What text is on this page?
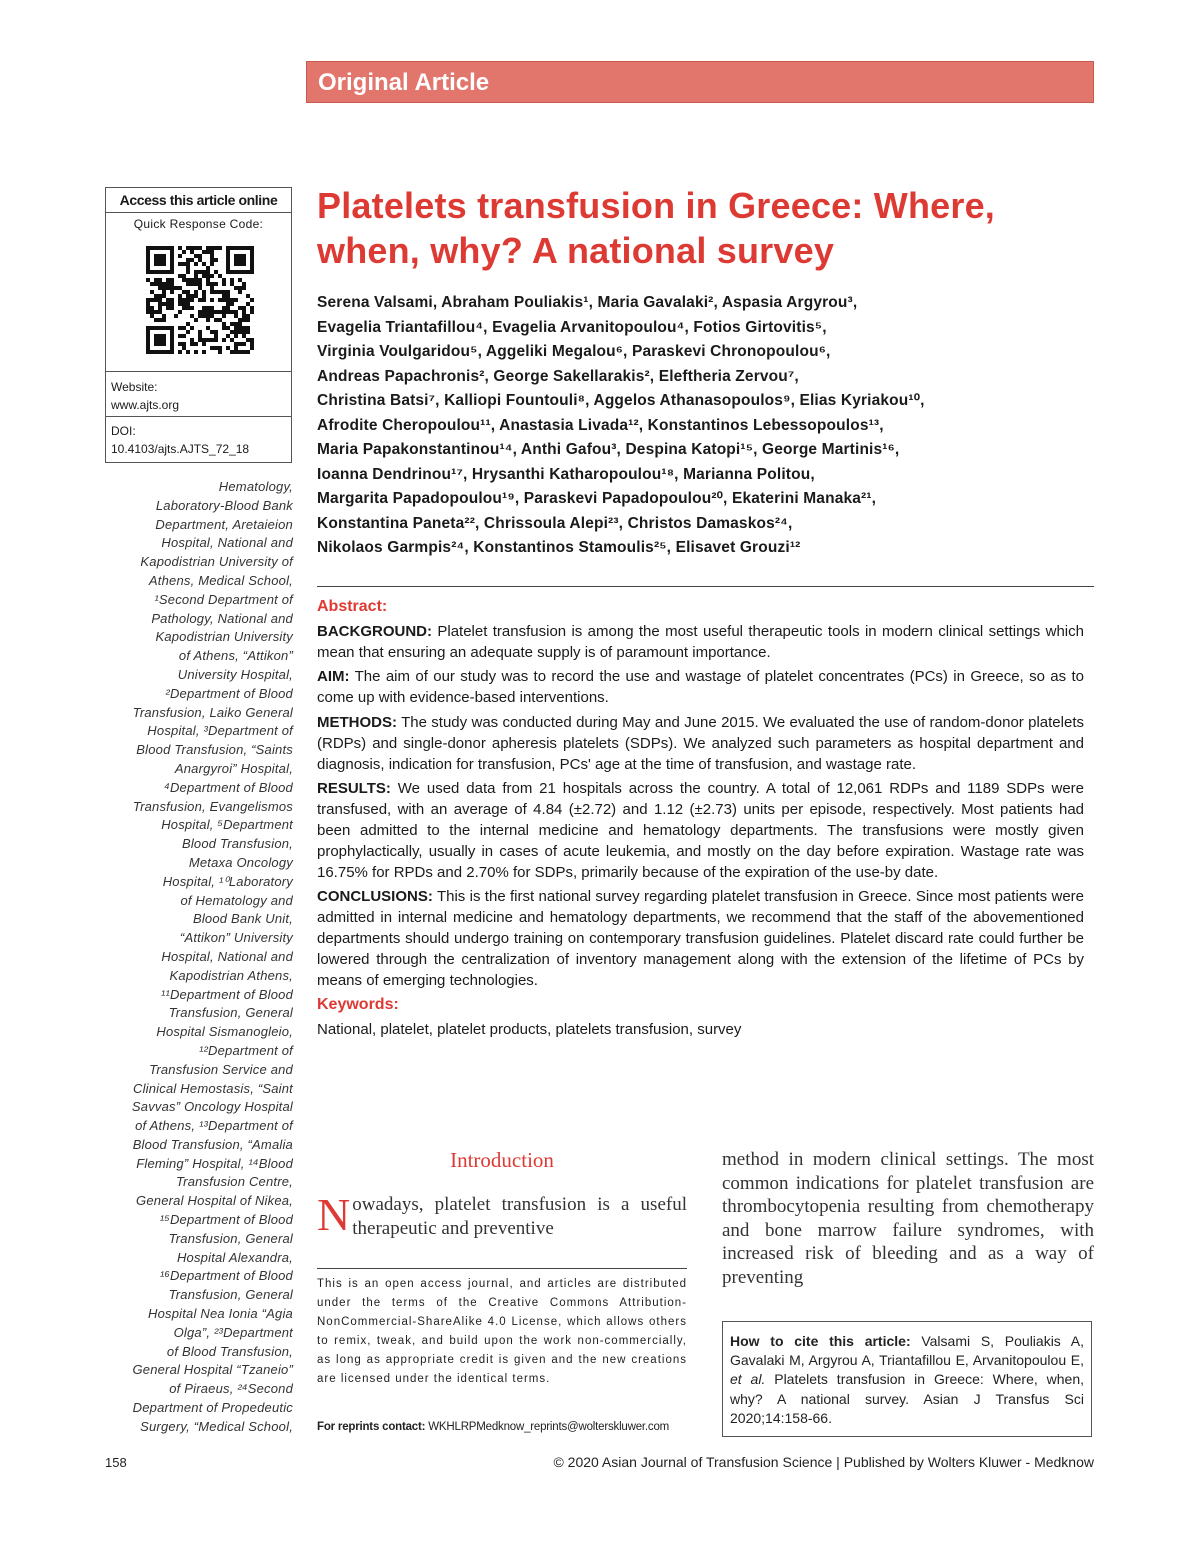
Original Article
Access this article online
Quick Response Code:
Website:
www.ajts.org
DOI:
10.4103/ajts.AJTS_72_18
Hematology,
Laboratory-Blood Bank
Department, Aretaieion
Hospital, National and
Kapodistrian University of
Athens, Medical School,
¹Second Department of
Pathology, National and
Kapodistrian University
of Athens, “Attikon”
University Hospital,
²Department of Blood
Transfusion, Laiko General
Hospital, ³Department of
Blood Transfusion, “Saints
Anargyroi” Hospital,
⁴Department of Blood
Transfusion, Evangelismos
Hospital, ⁵Department
Blood Transfusion,
Metaxa Oncology
Hospital, ¹⁰Laboratory
of Hematology and
Blood Bank Unit,
“Attikon” University
Hospital, National and
Kapodistrian Athens,
¹¹Department of Blood
Transfusion, General
Hospital Sismanogleio,
¹²Department of
Transfusion Service and
Clinical Hemostasis, “Saint
Savvas” Oncology Hospital
of Athens, ¹³Department of
Blood Transfusion, “Amalia
Fleming” Hospital, ¹⁴Blood
Transfusion Centre,
General Hospital of Nikea,
¹⁵Department of Blood
Transfusion, General
Hospital Alexandra,
¹⁶Department of Blood
Transfusion, General
Hospital Nea Ionia “Agia
Olga”, ²³Department
of Blood Transfusion,
General Hospital “Tzaneio”
of Piraeus, ²⁴Second
Department of Propedeutic
Surgery, “Medical School,
Platelets transfusion in Greece: Where, when, why? A national survey
Serena Valsami, Abraham Pouliakis¹, Maria Gavalaki², Aspasia Argyrou³,
Evagelia Triantafillou⁴, Evagelia Arvanitopoulou⁴, Fotios Girtovitis⁵,
Virginia Voulgaridou⁵, Aggeliki Megalou⁶, Paraskevi Chronopoulou⁶,
Andreas Papachronis², George Sakellarakis², Eleftheria Zervou⁷,
Christina Batsi⁷, Kalliopi Fountouli⁸, Aggelos Athanasopoulos⁹, Elias Kyriakou¹⁰,
Afrodite Cheropoulou¹¹, Anastasia Livada¹², Konstantinos Lebessopoulos¹³,
Maria Papakonstantinou¹⁴, Anthi Gafou³, Despina Katopi¹⁵, George Martinis¹⁶,
Ioanna Dendrinou¹⁷, Hrysanthi Katharopoulou¹⁸, Marianna Politou,
Margarita Papadopoulou¹⁹, Paraskevi Papadopoulou²⁰, Ekaterini Manaka²¹,
Konstantina Paneta²², Chrissoula Alepi²³, Christos Damaskos²⁴,
Nikolaos Garmpis²⁴, Konstantinos Stamoulis²⁵, Elisavet Grouzi¹²

Abstract:

BACKGROUND: Platelet transfusion is among the most useful therapeutic tools in modern clinical settings which mean that ensuring an adequate supply is of paramount importance.

AIM: The aim of our study was to record the use and wastage of platelet concentrates (PCs) in Greece, so as to come up with evidence-based interventions.

METHODS: The study was conducted during May and June 2015. We evaluated the use of random-donor platelets (RDPs) and single-donor apheresis platelets (SDPs). We analyzed such parameters as hospital department and diagnosis, indication for transfusion, PCs' age at the time of transfusion, and wastage rate.

RESULTS: We used data from 21 hospitals across the country. A total of 12,061 RDPs and 1189 SDPs were transfused, with an average of 4.84 (±2.72) and 1.12 (±2.73) units per episode, respectively. Most patients had been admitted to the internal medicine and hematology departments. The transfusions were mostly given prophylactically, usually in cases of acute leukemia, and mostly on the day before expiration. Wastage rate was 16.75% for RPDs and 2.70% for SDPs, primarily because of the expiration of the use-by date.

CONCLUSIONS: This is the first national survey regarding platelet transfusion in Greece. Since most patients were admitted in internal medicine and hematology departments, we recommend that the staff of the abovementioned departments should undergo training on contemporary transfusion guidelines. Platelet discard rate could further be lowered through the centralization of inventory management along with the extension of the lifetime of PCs by means of emerging technologies.

Keywords:

National, platelet, platelet products, platelets transfusion, survey

Introduction
Nowadays, platelet transfusion is a useful therapeutic and preventive
method in modern clinical settings. The most common indications for platelet transfusion are thrombocytopenia resulting from chemotherapy and bone marrow failure syndromes, with increased risk of bleeding and as a way of preventing
This is an open access journal, and articles are distributed under the terms of the Creative Commons Attribution-NonCommercial-ShareAlike 4.0 License, which allows others to remix, tweak, and build upon the work non-commercially, as long as appropriate credit is given and the new creations are licensed under the identical terms.
For reprints contact: WKHLRPMedknow_reprints@wolterskluwer.com
How to cite this article: Valsami S, Pouliakis A, Gavalaki M, Argyrou A, Triantafillou E, Arvanitopoulou E, et al. Platelets transfusion in Greece: Where, when, why? A national survey. Asian J Transfus Sci 2020;14:158-66.
158	© 2020 Asian Journal of Transfusion Science | Published by Wolters Kluwer - Medknow
